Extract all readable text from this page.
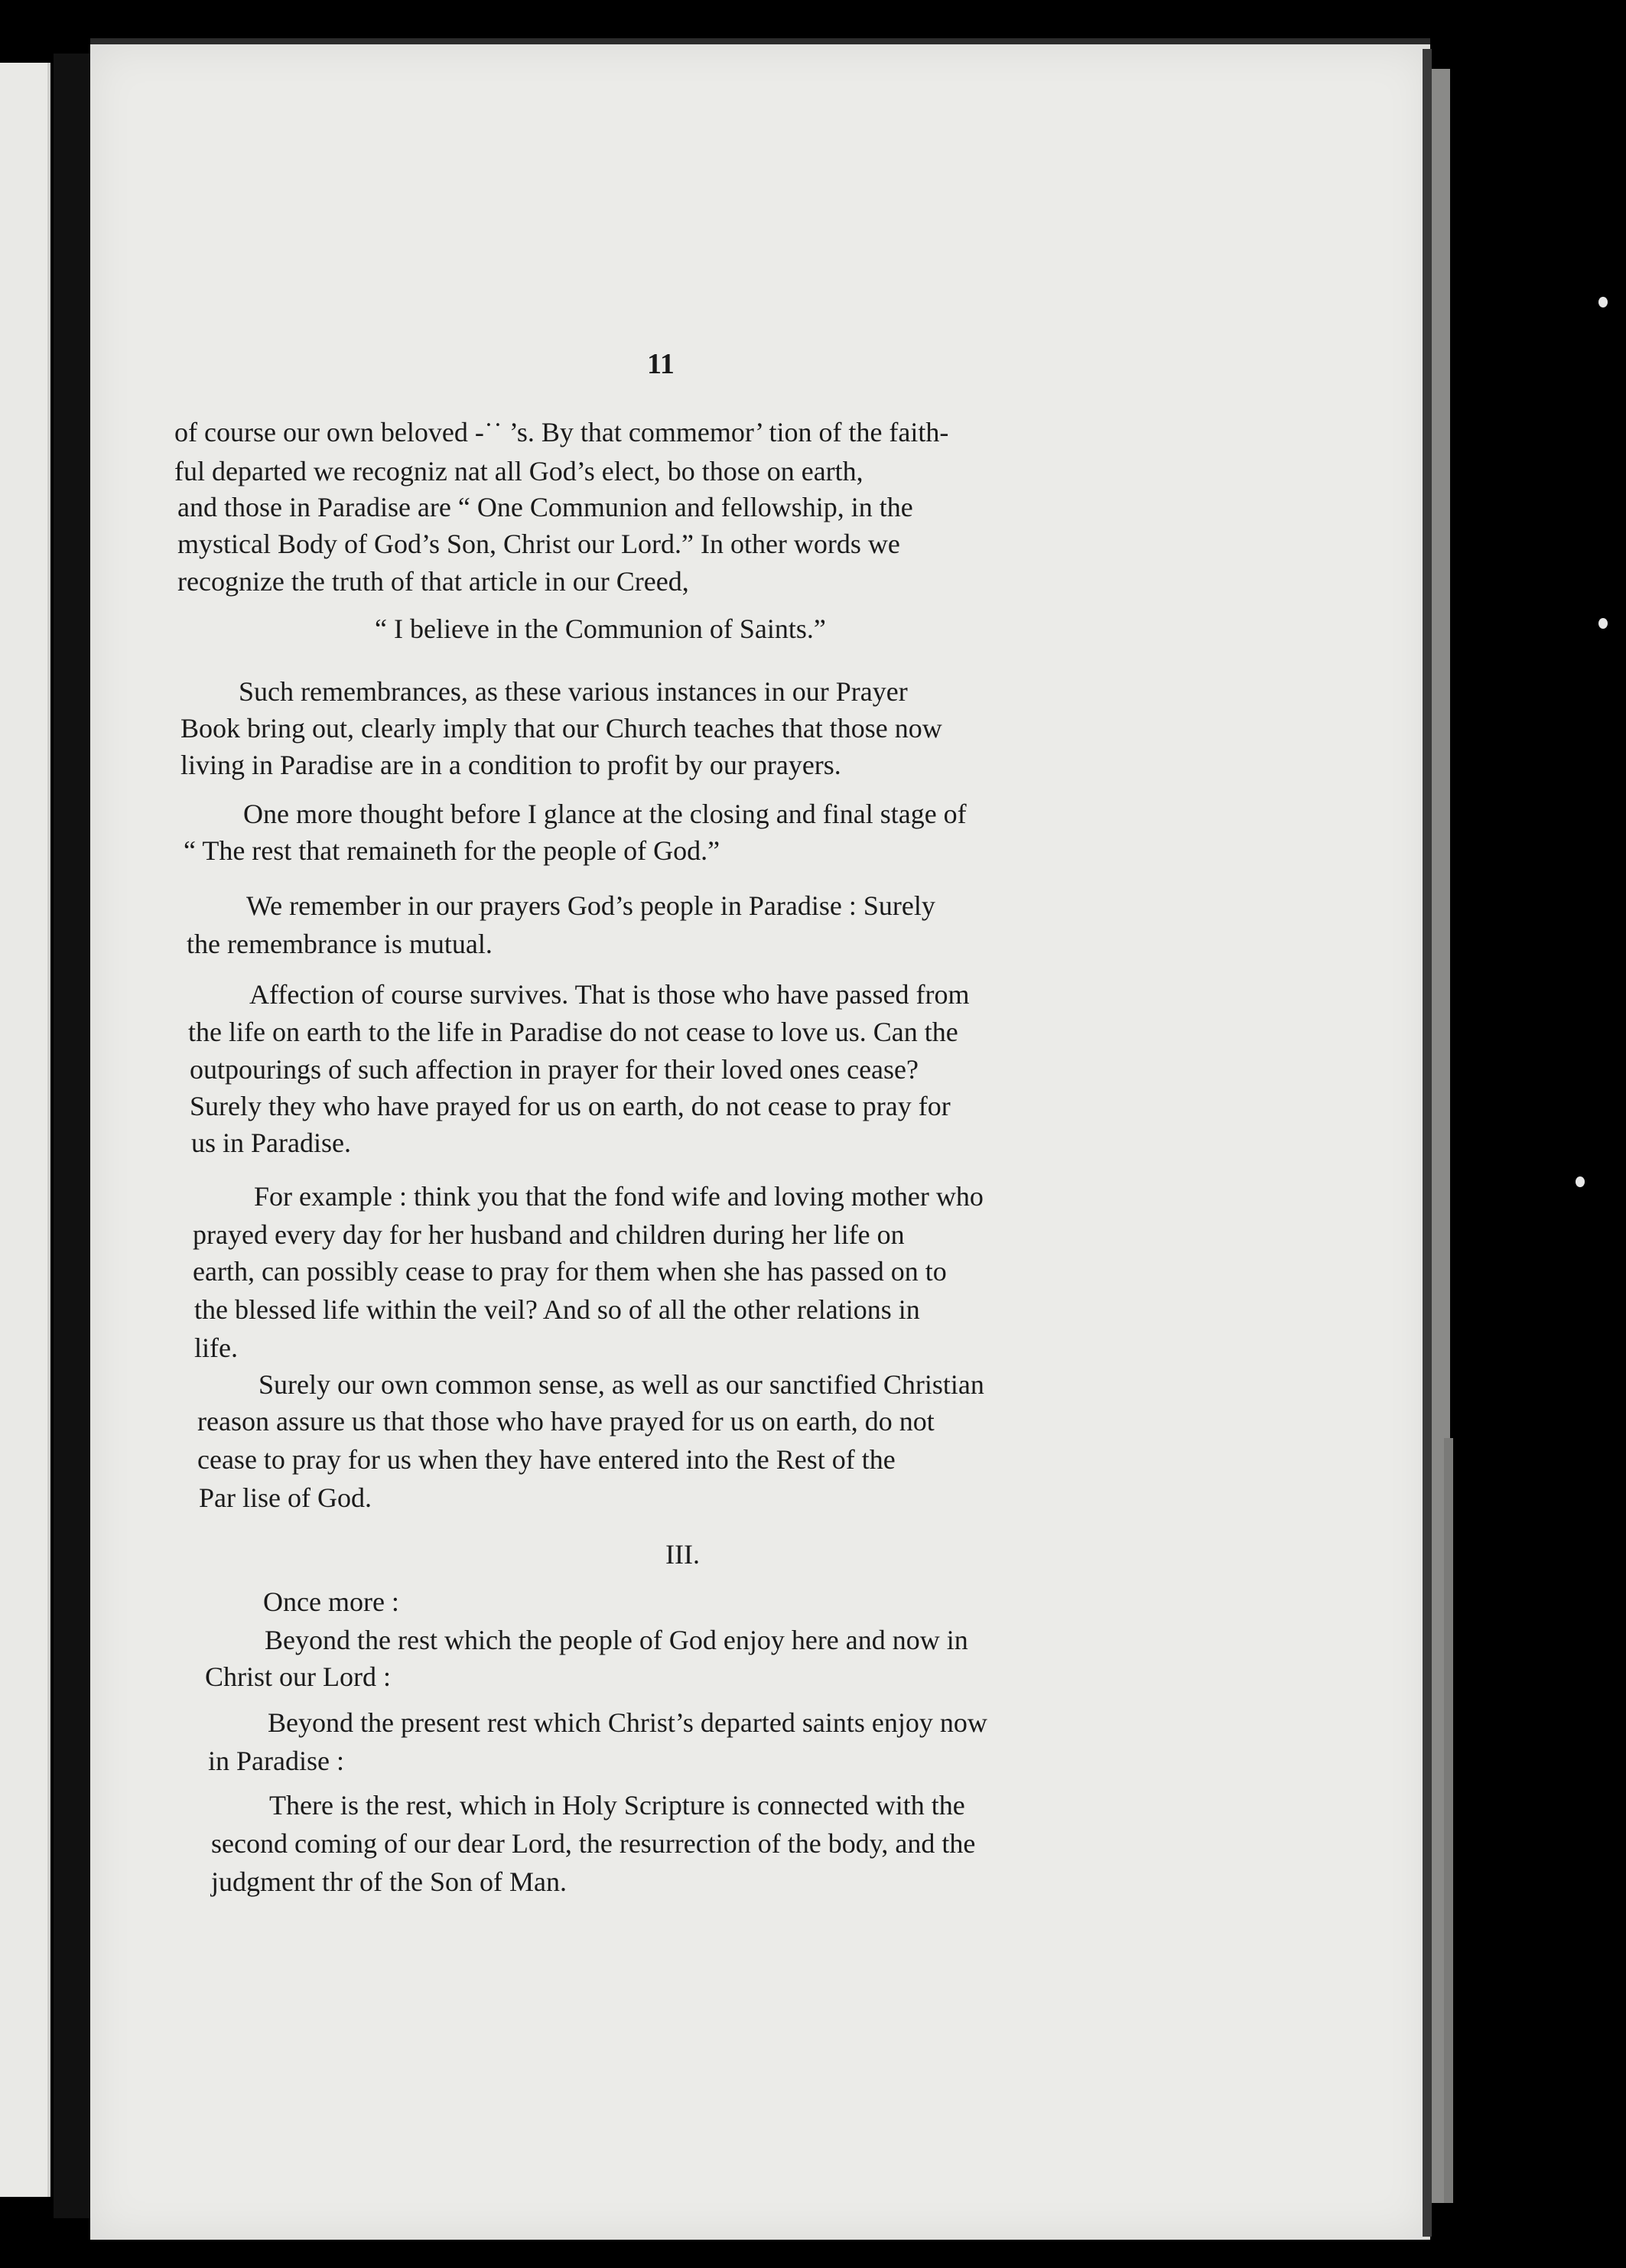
11
of course our own beloved ‐˙˙ ’s. By that commemor’ tion of the faith-
ful departed we recogniz nat all God’s elect, bo those on earth,
and those in Paradise are “ One Communion and fellowship, in the
mystical Body of God’s Son, Christ our Lord.” In other words we
recognize the truth of that article in our Creed,
“ I believe in the Communion of Saints.”
Such remembrances, as these various instances in our Prayer
Book bring out, clearly imply that our Church teaches that those now
living in Paradise are in a condition to profit by our prayers.
One more thought before I glance at the closing and final stage of
“ The rest that remaineth for the people of God.”
We remember in our prayers God’s people in Paradise : Surely
the remembrance is mutual.
Affection of course survives. That is those who have passed from
the life on earth to the life in Paradise do not cease to love us. Can the
outpourings of such affection in prayer for their loved ones cease?
Surely they who have prayed for us on earth, do not cease to pray for
us in Paradise.
For example : think you that the fond wife and loving mother who
prayed every day for her husband and children during her life on
earth, can possibly cease to pray for them when she has passed on to
the blessed life within the veil? And so of all the other relations in
life.
Surely our own common sense, as well as our sanctified Christian
reason assure us that those who have prayed for us on earth, do not
cease to pray for us when they have entered into the Rest of the
Par lise of God.
III.
Once more :
Beyond the rest which the people of God enjoy here and now in
Christ our Lord :
Beyond the present rest which Christ’s departed saints enjoy now
in Paradise :
There is the rest, which in Holy Scripture is connected with the
second coming of our dear Lord, the resurrection of the body, and the
judgment thr of the Son of Man.
